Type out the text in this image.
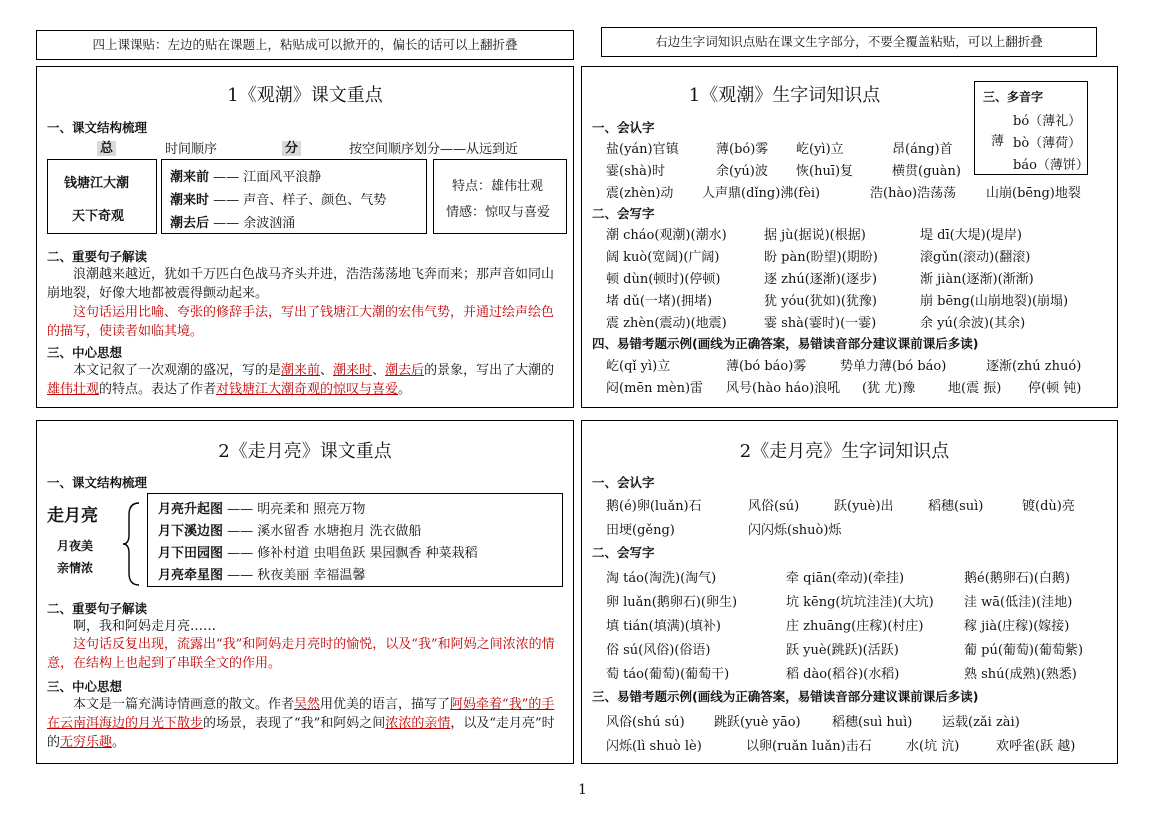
四上课课贴：左边的贴在课题上，粘贴成可以掀开的，偏长的话可以上翻折叠	右边生字词知识点贴在课文生字部分，不要全覆盖粘贴，可以上翻折叠
1《观潮》课文重点
一、课文结构梳理
总	时间顺序	分	按空间顺序划分——从远到近
钱塘江大潮
天下奇观
潮来前 —— 江面风平浪静
潮来时 —— 声音、样子、颜色、气势
潮去后 —— 余波汹涌
特点：雄伟壮观
情感：惊叹与喜爱
二、重要句子解读
浪潮越来越近，犹如千万匹白色战马齐头并进，浩浩荡荡地飞奔而来；那声音如同山崩地裂，好像大地都被震得颤动起来。
这句话运用比喻、夸张的修辞手法，写出了钱塘江大潮的宏伟气势，并通过绘声绘色的描写，使读者如临其境。
三、中心思想
本文记叙了一次观潮的盛况，写的是潮来前、潮来时、潮去后的景象，写出了大潮的雄伟壮观的特点。表达了作者对钱塘江大潮奇观的惊叹与喜爱。
1《观潮》生字词知识点	三、多音字
薄
bó（薄礼）
bò（薄荷）
báo（薄饼）
一、会认字
盐(yán)官镇	薄(bó)雾 屹(yì)立	昂(áng)首
霎(shà)时	余(yú)波 恢(huī)复	横贯(guàn)
震(zhèn)动 人声鼎(dǐng)沸(fèi)	浩(hào)浩荡荡 山崩(bēng)地裂
二、会写字
潮 cháo(观潮)(潮水)	据 jù(据说)(根据)	堤 dī(大堤)(堤岸)
阔 kuò(宽阔)(广阔)	盼 pàn(盼望)(期盼)	滚gǔn(滚动)(翻滚)
顿 dùn(顿时)(停顿)	逐 zhú(逐渐)(逐步)	渐 jiàn(逐渐)(渐渐)
堵 dǔ(一堵)(拥堵)	犹 yóu(犹如)(犹豫)	崩 bēng(山崩地裂)(崩塌)
震 zhèn(震动)(地震)	霎 shà(霎时)(一霎)	余 yú(余波)(其余)
四、易错考题示例(画线为正确答案，易错读音部分建议课前课后多读)
屹(qǐ yì)立	薄(bó báo)雾	势单力薄(bó báo)	逐渐(zhú zhuó)
闷(mēn mèn)雷 风号(hào háo)浪吼 (犹 尤)豫	地(震 振) 停(顿 钝)
2《走月亮》课文重点
一、课文结构梳理
走月亮
月夜美
亲情浓
月亮升起图 —— 明亮柔和 照亮万物
月下溪边图 —— 溪水留香 水塘抱月 洗衣做船
月下田园图 —— 修补村道 虫唱鱼跃 果园飘香 种菜栽稻
月亮牵星图 —— 秋夜美丽 幸福温馨
二、重要句子解读
啊，我和阿妈走月亮……
这句话反复出现，流露出“我”和阿妈走月亮时的愉悦，以及“我”和阿妈之间浓浓的情意，在结构上也起到了串联全文的作用。
三、中心思想
本文是一篇充满诗情画意的散文。作者吴然用优美的语言，描写了阿妈牵着“我”的手在云南洱海边的月光下散步的场景，表现了“我”和阿妈之间浓浓的亲情，以及“走月亮”时的无穷乐趣。
2《走月亮》生字词知识点
一、会认字
鹅(é)卵(luǎn)石	风俗(sú)	跃(yuè)出	稻穗(suì)	镀(dù)亮
田埂(gěng)	闪闪烁(shuò)烁
二、会写字
淘 táo(淘洗)(淘气)	牵 qiān(牵动)(牵挂)	鹅é(鹅卵石)(白鹅)
卵 luǎn(鹅卵石)(卵生)	坑 kēng(坑坑洼洼)(大坑) 洼 wā(低洼)(洼地)
填 tián(填满)(填补)	庄 zhuāng(庄稼)(村庄)	稼 jià(庄稼)(嫁接)
俗 sú(风俗)(俗语)	跃 yuè(跳跃)(活跃)	葡 pú(葡萄)(葡萄紫)
萄 táo(葡萄)(葡萄干)	稻 dào(稻谷)(水稻)	熟 shú(成熟)(熟悉)
三、易错考题示例(画线为正确答案，易错读音部分建议课前课后多读)
风俗(shú sú) 跳跃(yuè yāo) 稻穗(suì huì) 运载(zǎi zài)
闪烁(lì shuò lè)	以卵(ruǎn luǎn)击石	水(坑 沆)	欢呼雀(跃 越)
1
